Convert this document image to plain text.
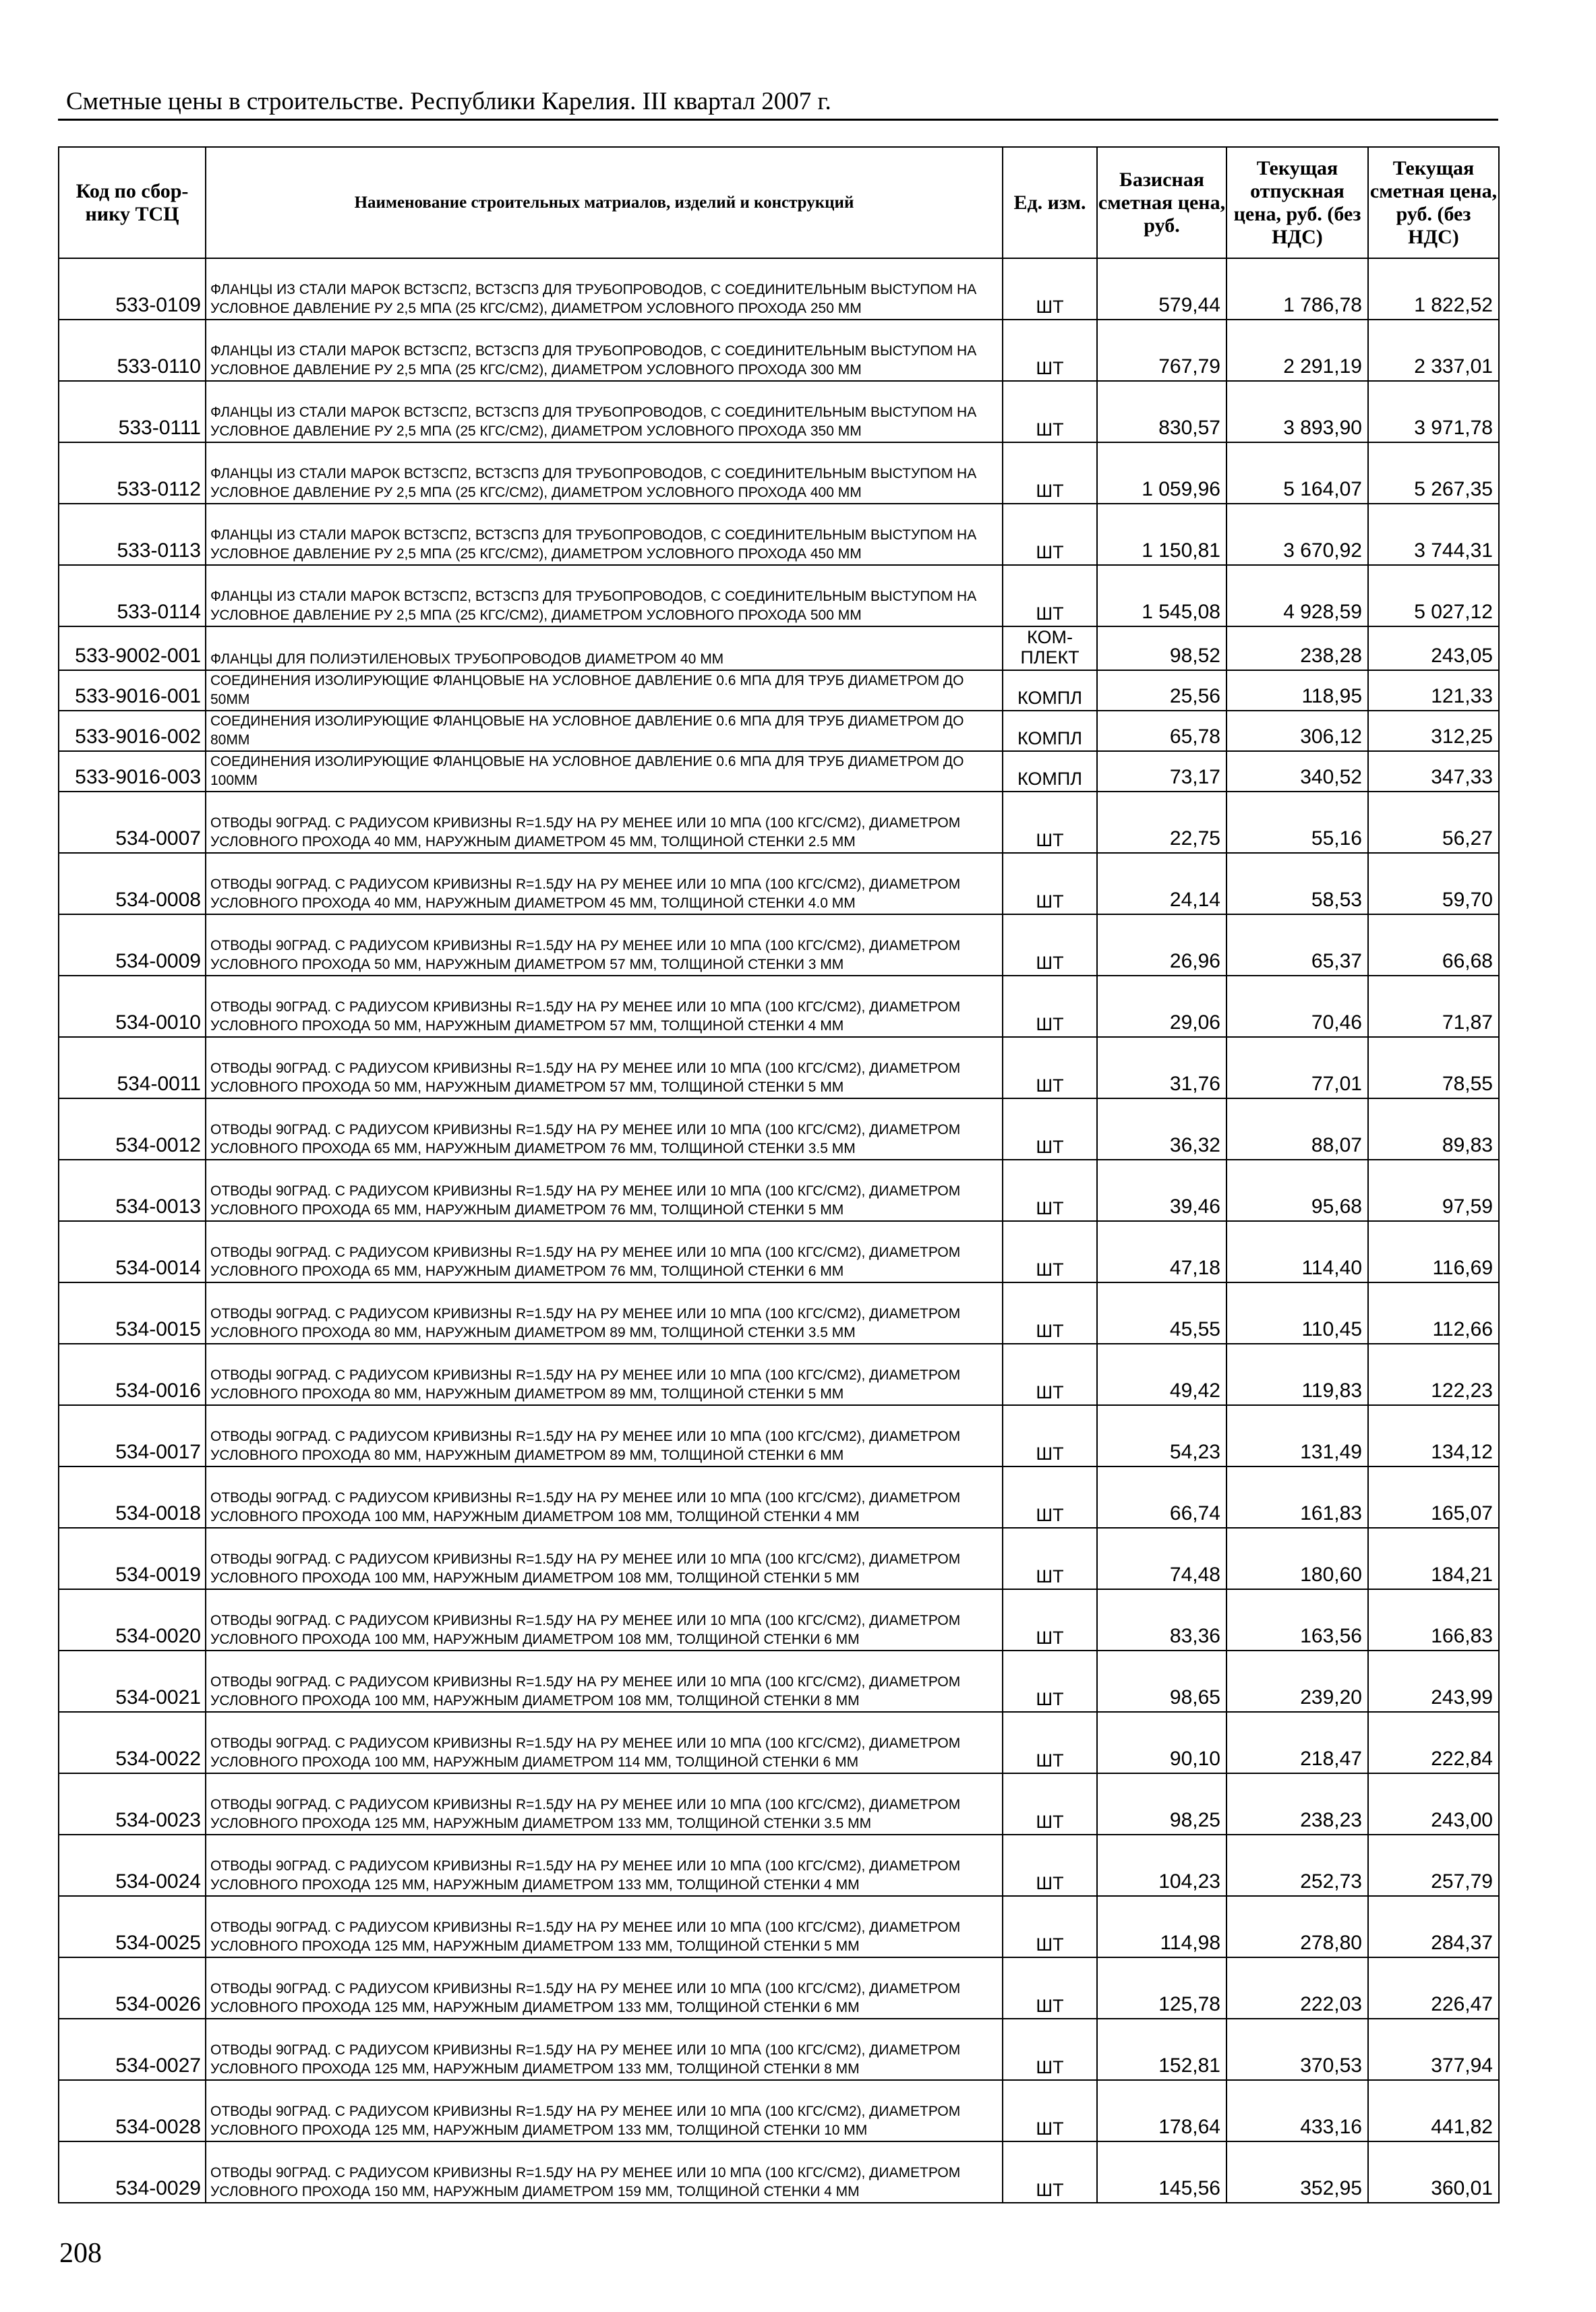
Сметные цены в строительстве. Республики Карелия. III квартал 2007 г.
Код по сбор-нику ТСЦ	Наименование строительных матриалов, изделий и конструкций	Ед. изм.	Базисная сметная цена, руб.	Текущая отпускная цена, руб. (без НДС)	Текущая сметная цена, руб. (без НДС)
533-0109	ФЛАНЦЫ ИЗ СТАЛИ МАРОК ВСТ3СП2, ВСТ3СП3 ДЛЯ ТРУБОПРОВОДОВ, С СОЕДИНИТЕЛЬНЫМ ВЫСТУПОМ НА УСЛОВНОЕ ДАВЛЕНИЕ РУ 2,5 МПА (25 КГС/СМ2), ДИАМЕТРОМ УСЛОВНОГО ПРОХОДА 250 ММ	ШТ	579,44	1 786,78	1 822,52
533-0110	ФЛАНЦЫ ИЗ СТАЛИ МАРОК ВСТ3СП2, ВСТ3СП3 ДЛЯ ТРУБОПРОВОДОВ, С СОЕДИНИТЕЛЬНЫМ ВЫСТУПОМ НА УСЛОВНОЕ ДАВЛЕНИЕ РУ 2,5 МПА (25 КГС/СМ2), ДИАМЕТРОМ УСЛОВНОГО ПРОХОДА 300 ММ	ШТ	767,79	2 291,19	2 337,01
533-0111	ФЛАНЦЫ ИЗ СТАЛИ МАРОК ВСТ3СП2, ВСТ3СП3 ДЛЯ ТРУБОПРОВОДОВ, С СОЕДИНИТЕЛЬНЫМ ВЫСТУПОМ НА УСЛОВНОЕ ДАВЛЕНИЕ РУ 2,5 МПА (25 КГС/СМ2), ДИАМЕТРОМ УСЛОВНОГО ПРОХОДА 350 ММ	ШТ	830,57	3 893,90	3 971,78
533-0112	ФЛАНЦЫ ИЗ СТАЛИ МАРОК ВСТ3СП2, ВСТ3СП3 ДЛЯ ТРУБОПРОВОДОВ, С СОЕДИНИТЕЛЬНЫМ ВЫСТУПОМ НА УСЛОВНОЕ ДАВЛЕНИЕ РУ 2,5 МПА (25 КГС/СМ2), ДИАМЕТРОМ УСЛОВНОГО ПРОХОДА 400 ММ	ШТ	1 059,96	5 164,07	5 267,35
533-0113	ФЛАНЦЫ ИЗ СТАЛИ МАРОК ВСТ3СП2, ВСТ3СП3 ДЛЯ ТРУБОПРОВОДОВ, С СОЕДИНИТЕЛЬНЫМ ВЫСТУПОМ НА УСЛОВНОЕ ДАВЛЕНИЕ РУ 2,5 МПА (25 КГС/СМ2), ДИАМЕТРОМ УСЛОВНОГО ПРОХОДА 450 ММ	ШТ	1 150,81	3 670,92	3 744,31
533-0114	ФЛАНЦЫ ИЗ СТАЛИ МАРОК ВСТ3СП2, ВСТ3СП3 ДЛЯ ТРУБОПРОВОДОВ, С СОЕДИНИТЕЛЬНЫМ ВЫСТУПОМ НА УСЛОВНОЕ ДАВЛЕНИЕ РУ 2,5 МПА (25 КГС/СМ2), ДИАМЕТРОМ УСЛОВНОГО ПРОХОДА 500 ММ	ШТ	1 545,08	4 928,59	5 027,12
533-9002-001	ФЛАНЦЫ ДЛЯ ПОЛИЭТИЛЕНОВЫХ ТРУБОПРОВОДОВ ДИАМЕТРОМ 40 ММ	КОМ-ПЛЕКТ	98,52	238,28	243,05
533-9016-001	СОЕДИНЕНИЯ ИЗОЛИРУЮЩИЕ ФЛАНЦОВЫЕ НА УСЛОВНОЕ ДАВЛЕНИЕ 0.6 МПА ДЛЯ ТРУБ ДИАМЕТРОМ ДО 50ММ	КОМПЛ	25,56	118,95	121,33
533-9016-002	СОЕДИНЕНИЯ ИЗОЛИРУЮЩИЕ ФЛАНЦОВЫЕ НА УСЛОВНОЕ ДАВЛЕНИЕ 0.6 МПА ДЛЯ ТРУБ ДИАМЕТРОМ ДО 80ММ	КОМПЛ	65,78	306,12	312,25
533-9016-003	СОЕДИНЕНИЯ ИЗОЛИРУЮЩИЕ ФЛАНЦОВЫЕ НА УСЛОВНОЕ ДАВЛЕНИЕ 0.6 МПА ДЛЯ ТРУБ ДИАМЕТРОМ ДО 100ММ	КОМПЛ	73,17	340,52	347,33
534-0007	ОТВОДЫ 90ГРАД. С РАДИУСОМ КРИВИЗНЫ R=1.5ДУ НА РУ МЕНЕЕ ИЛИ 10 МПА (100 КГС/СМ2), ДИАМЕТРОМ УСЛОВНОГО ПРОХОДА 40 ММ, НАРУЖНЫМ ДИАМЕТРОМ 45 ММ, ТОЛЩИНОЙ СТЕНКИ 2.5 ММ	ШТ	22,75	55,16	56,27
534-0008	ОТВОДЫ 90ГРАД. С РАДИУСОМ КРИВИЗНЫ R=1.5ДУ НА РУ МЕНЕЕ ИЛИ 10 МПА (100 КГС/СМ2), ДИАМЕТРОМ УСЛОВНОГО ПРОХОДА 40 ММ, НАРУЖНЫМ ДИАМЕТРОМ 45 ММ, ТОЛЩИНОЙ СТЕНКИ 4.0 ММ	ШТ	24,14	58,53	59,70
534-0009	ОТВОДЫ 90ГРАД. С РАДИУСОМ КРИВИЗНЫ R=1.5ДУ НА РУ МЕНЕЕ ИЛИ 10 МПА (100 КГС/СМ2), ДИАМЕТРОМ УСЛОВНОГО ПРОХОДА 50 ММ, НАРУЖНЫМ ДИАМЕТРОМ 57 ММ, ТОЛЩИНОЙ СТЕНКИ 3 ММ	ШТ	26,96	65,37	66,68
534-0010	ОТВОДЫ 90ГРАД. С РАДИУСОМ КРИВИЗНЫ R=1.5ДУ НА РУ МЕНЕЕ ИЛИ 10 МПА (100 КГС/СМ2), ДИАМЕТРОМ УСЛОВНОГО ПРОХОДА 50 ММ, НАРУЖНЫМ ДИАМЕТРОМ 57 ММ, ТОЛЩИНОЙ СТЕНКИ 4 ММ	ШТ	29,06	70,46	71,87
534-0011	ОТВОДЫ 90ГРАД. С РАДИУСОМ КРИВИЗНЫ R=1.5ДУ НА РУ МЕНЕЕ ИЛИ 10 МПА (100 КГС/СМ2), ДИАМЕТРОМ УСЛОВНОГО ПРОХОДА 50 ММ, НАРУЖНЫМ ДИАМЕТРОМ 57 ММ, ТОЛЩИНОЙ СТЕНКИ 5 ММ	ШТ	31,76	77,01	78,55
534-0012	ОТВОДЫ 90ГРАД. С РАДИУСОМ КРИВИЗНЫ R=1.5ДУ НА РУ МЕНЕЕ ИЛИ 10 МПА (100 КГС/СМ2), ДИАМЕТРОМ УСЛОВНОГО ПРОХОДА 65 ММ, НАРУЖНЫМ ДИАМЕТРОМ 76 ММ, ТОЛЩИНОЙ СТЕНКИ 3.5 ММ	ШТ	36,32	88,07	89,83
534-0013	ОТВОДЫ 90ГРАД. С РАДИУСОМ КРИВИЗНЫ R=1.5ДУ НА РУ МЕНЕЕ ИЛИ 10 МПА (100 КГС/СМ2), ДИАМЕТРОМ УСЛОВНОГО ПРОХОДА 65 ММ, НАРУЖНЫМ ДИАМЕТРОМ 76 ММ, ТОЛЩИНОЙ СТЕНКИ 5 ММ	ШТ	39,46	95,68	97,59
534-0014	ОТВОДЫ 90ГРАД. С РАДИУСОМ КРИВИЗНЫ R=1.5ДУ НА РУ МЕНЕЕ ИЛИ 10 МПА (100 КГС/СМ2), ДИАМЕТРОМ УСЛОВНОГО ПРОХОДА 65 ММ, НАРУЖНЫМ ДИАМЕТРОМ 76 ММ, ТОЛЩИНОЙ СТЕНКИ 6 ММ	ШТ	47,18	114,40	116,69
534-0015	ОТВОДЫ 90ГРАД. С РАДИУСОМ КРИВИЗНЫ R=1.5ДУ НА РУ МЕНЕЕ ИЛИ 10 МПА (100 КГС/СМ2), ДИАМЕТРОМ УСЛОВНОГО ПРОХОДА 80 ММ, НАРУЖНЫМ ДИАМЕТРОМ 89 ММ, ТОЛЩИНОЙ СТЕНКИ 3.5 ММ	ШТ	45,55	110,45	112,66
534-0016	ОТВОДЫ 90ГРАД. С РАДИУСОМ КРИВИЗНЫ R=1.5ДУ НА РУ МЕНЕЕ ИЛИ 10 МПА (100 КГС/СМ2), ДИАМЕТРОМ УСЛОВНОГО ПРОХОДА 80 ММ, НАРУЖНЫМ ДИАМЕТРОМ 89 ММ, ТОЛЩИНОЙ СТЕНКИ 5 ММ	ШТ	49,42	119,83	122,23
534-0017	ОТВОДЫ 90ГРАД. С РАДИУСОМ КРИВИЗНЫ R=1.5ДУ НА РУ МЕНЕЕ ИЛИ 10 МПА (100 КГС/СМ2), ДИАМЕТРОМ УСЛОВНОГО ПРОХОДА 80 ММ, НАРУЖНЫМ ДИАМЕТРОМ 89 ММ, ТОЛЩИНОЙ СТЕНКИ 6 ММ	ШТ	54,23	131,49	134,12
534-0018	ОТВОДЫ 90ГРАД. С РАДИУСОМ КРИВИЗНЫ R=1.5ДУ НА РУ МЕНЕЕ ИЛИ 10 МПА (100 КГС/СМ2), ДИАМЕТРОМ УСЛОВНОГО ПРОХОДА 100 ММ, НАРУЖНЫМ ДИАМЕТРОМ 108 ММ, ТОЛЩИНОЙ СТЕНКИ 4 ММ	ШТ	66,74	161,83	165,07
534-0019	ОТВОДЫ 90ГРАД. С РАДИУСОМ КРИВИЗНЫ R=1.5ДУ НА РУ МЕНЕЕ ИЛИ 10 МПА (100 КГС/СМ2), ДИАМЕТРОМ УСЛОВНОГО ПРОХОДА 100 ММ, НАРУЖНЫМ ДИАМЕТРОМ 108 ММ, ТОЛЩИНОЙ СТЕНКИ 5 ММ	ШТ	74,48	180,60	184,21
534-0020	ОТВОДЫ 90ГРАД. С РАДИУСОМ КРИВИЗНЫ R=1.5ДУ НА РУ МЕНЕЕ ИЛИ 10 МПА (100 КГС/СМ2), ДИАМЕТРОМ УСЛОВНОГО ПРОХОДА 100 ММ, НАРУЖНЫМ ДИАМЕТРОМ 108 ММ, ТОЛЩИНОЙ СТЕНКИ 6 ММ	ШТ	83,36	163,56	166,83
534-0021	ОТВОДЫ 90ГРАД. С РАДИУСОМ КРИВИЗНЫ R=1.5ДУ НА РУ МЕНЕЕ ИЛИ 10 МПА (100 КГС/СМ2), ДИАМЕТРОМ УСЛОВНОГО ПРОХОДА 100 ММ, НАРУЖНЫМ ДИАМЕТРОМ 108 ММ, ТОЛЩИНОЙ СТЕНКИ 8 ММ	ШТ	98,65	239,20	243,99
534-0022	ОТВОДЫ 90ГРАД. С РАДИУСОМ КРИВИЗНЫ R=1.5ДУ НА РУ МЕНЕЕ ИЛИ 10 МПА (100 КГС/СМ2), ДИАМЕТРОМ УСЛОВНОГО ПРОХОДА 100 ММ, НАРУЖНЫМ ДИАМЕТРОМ 114 ММ, ТОЛЩИНОЙ СТЕНКИ 6 ММ	ШТ	90,10	218,47	222,84
534-0023	ОТВОДЫ 90ГРАД. С РАДИУСОМ КРИВИЗНЫ R=1.5ДУ НА РУ МЕНЕЕ ИЛИ 10 МПА (100 КГС/СМ2), ДИАМЕТРОМ УСЛОВНОГО ПРОХОДА 125 ММ, НАРУЖНЫМ ДИАМЕТРОМ 133 ММ, ТОЛЩИНОЙ СТЕНКИ 3.5 ММ	ШТ	98,25	238,23	243,00
534-0024	ОТВОДЫ 90ГРАД. С РАДИУСОМ КРИВИЗНЫ R=1.5ДУ НА РУ МЕНЕЕ ИЛИ 10 МПА (100 КГС/СМ2), ДИАМЕТРОМ УСЛОВНОГО ПРОХОДА 125 ММ, НАРУЖНЫМ ДИАМЕТРОМ 133 ММ, ТОЛЩИНОЙ СТЕНКИ 4 ММ	ШТ	104,23	252,73	257,79
534-0025	ОТВОДЫ 90ГРАД. С РАДИУСОМ КРИВИЗНЫ R=1.5ДУ НА РУ МЕНЕЕ ИЛИ 10 МПА (100 КГС/СМ2), ДИАМЕТРОМ УСЛОВНОГО ПРОХОДА 125 ММ, НАРУЖНЫМ ДИАМЕТРОМ 133 ММ, ТОЛЩИНОЙ СТЕНКИ 5 ММ	ШТ	114,98	278,80	284,37
534-0026	ОТВОДЫ 90ГРАД. С РАДИУСОМ КРИВИЗНЫ R=1.5ДУ НА РУ МЕНЕЕ ИЛИ 10 МПА (100 КГС/СМ2), ДИАМЕТРОМ УСЛОВНОГО ПРОХОДА 125 ММ, НАРУЖНЫМ ДИАМЕТРОМ 133 ММ, ТОЛЩИНОЙ СТЕНКИ 6 ММ	ШТ	125,78	222,03	226,47
534-0027	ОТВОДЫ 90ГРАД. С РАДИУСОМ КРИВИЗНЫ R=1.5ДУ НА РУ МЕНЕЕ ИЛИ 10 МПА (100 КГС/СМ2), ДИАМЕТРОМ УСЛОВНОГО ПРОХОДА 125 ММ, НАРУЖНЫМ ДИАМЕТРОМ 133 ММ, ТОЛЩИНОЙ СТЕНКИ 8 ММ	ШТ	152,81	370,53	377,94
534-0028	ОТВОДЫ 90ГРАД. С РАДИУСОМ КРИВИЗНЫ R=1.5ДУ НА РУ МЕНЕЕ ИЛИ 10 МПА (100 КГС/СМ2), ДИАМЕТРОМ УСЛОВНОГО ПРОХОДА 125 ММ, НАРУЖНЫМ ДИАМЕТРОМ 133 ММ, ТОЛЩИНОЙ СТЕНКИ 10 ММ	ШТ	178,64	433,16	441,82
534-0029	ОТВОДЫ 90ГРАД. С РАДИУСОМ КРИВИЗНЫ R=1.5ДУ НА РУ МЕНЕЕ ИЛИ 10 МПА (100 КГС/СМ2), ДИАМЕТРОМ УСЛОВНОГО ПРОХОДА 150 ММ, НАРУЖНЫМ ДИАМЕТРОМ 159 ММ, ТОЛЩИНОЙ СТЕНКИ 4 ММ	ШТ	145,56	352,95	360,01
208
